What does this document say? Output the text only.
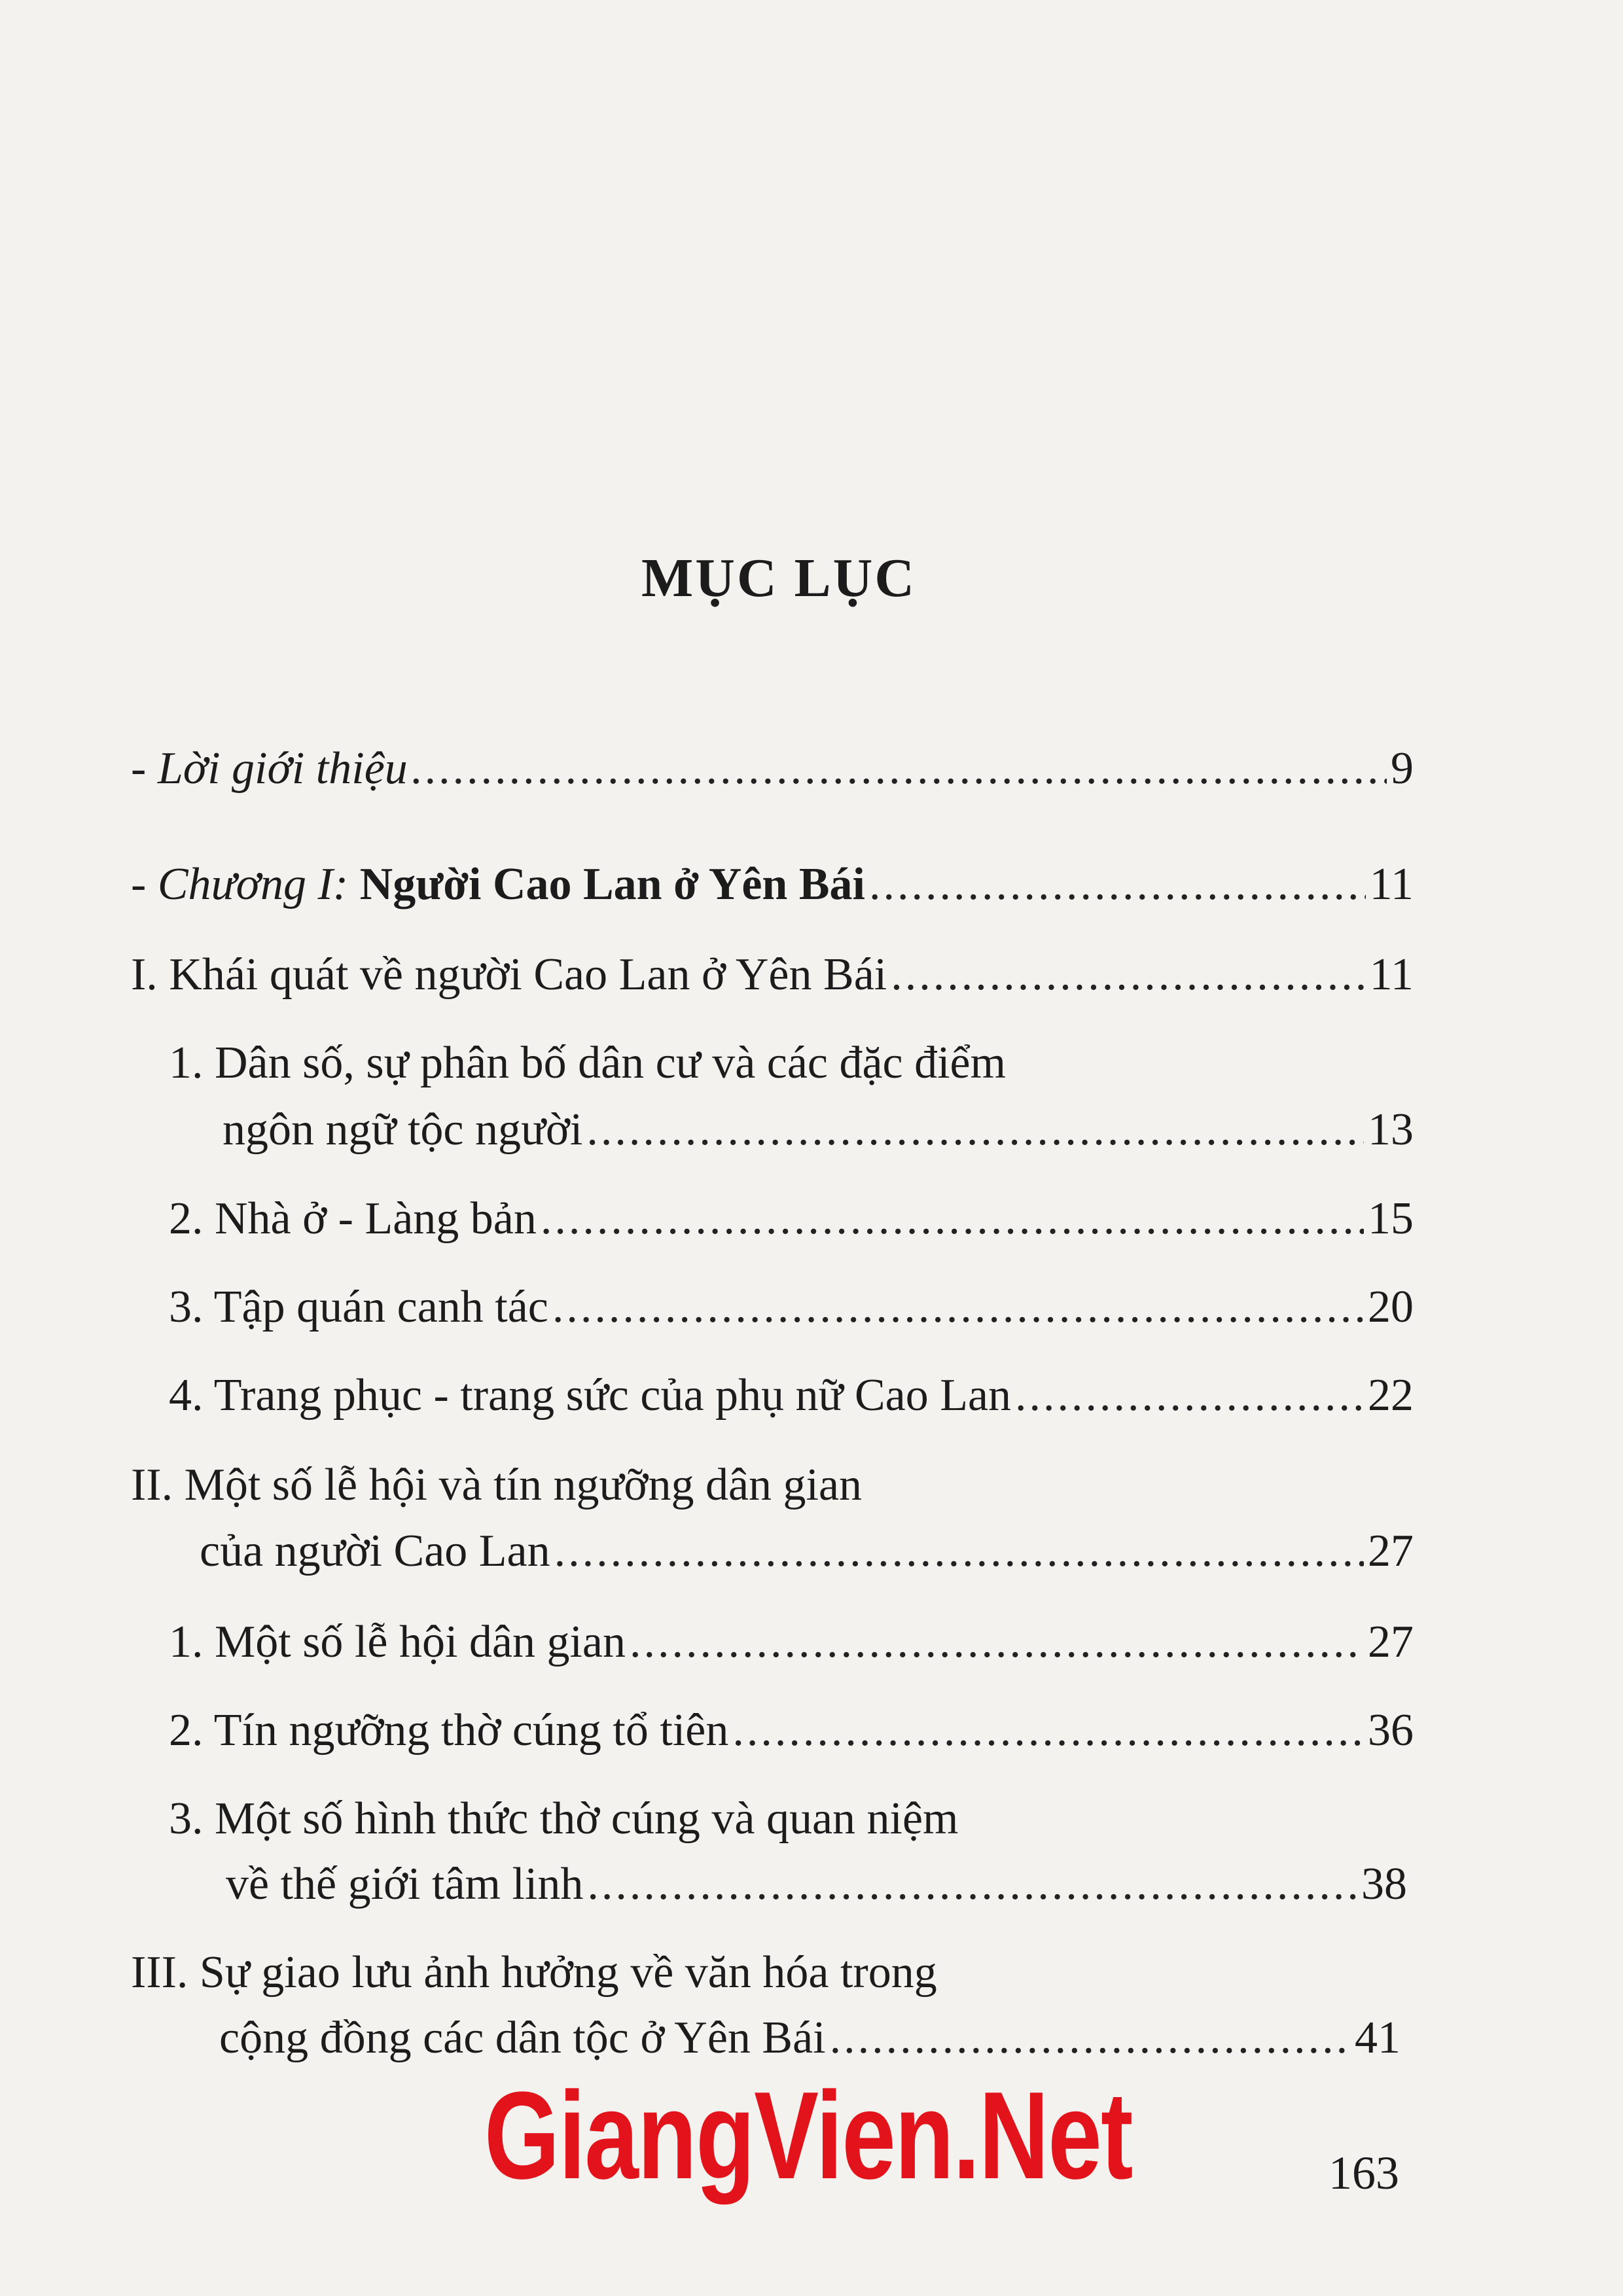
MỤC LỤC
- Lời giới thiệu .....	9
- Chương I: Người Cao Lan ở Yên Bái .....	11
I. Khái quát về người Cao Lan ở Yên Bái .....	11
1. Dân số, sự phân bố dân cư và các đặc điểm
ngôn ngữ tộc người .....	13
2. Nhà ở - Làng bản .....	15
3. Tập quán canh tác .....	20
4. Trang phục - trang sức của phụ nữ Cao Lan .....	22
II. Một số lễ hội và tín ngưỡng dân gian
của người Cao Lan .....	27
1. Một số lễ hội dân gian .....	27
2. Tín ngưỡng thờ cúng tổ tiên .....	36
3. Một số hình thức thờ cúng và quan niệm
về thế giới tâm linh .....	38
III. Sự giao lưu ảnh hưởng về văn hóa trong
cộng đồng các dân tộc ở Yên Bái .....	41
GiangVien.Net	163
